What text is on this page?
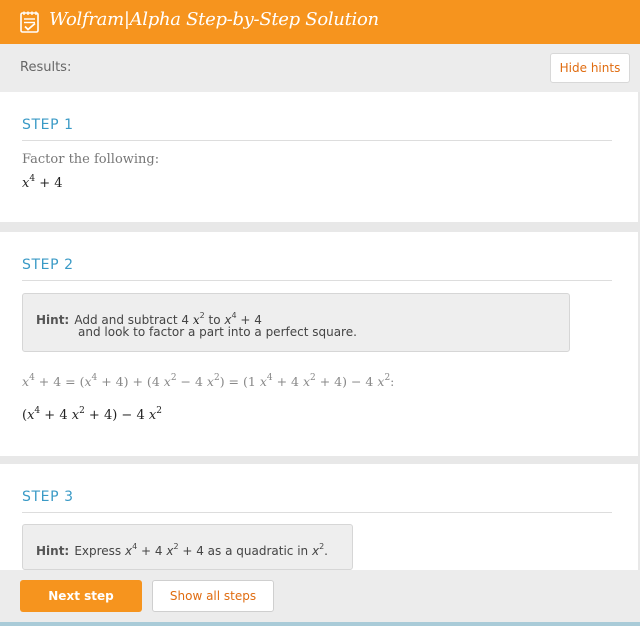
Wolfram|Alpha Step-by-Step Solution
Results:	Hide hints
STEP 1
Factor the following:
$x^4 + 4$
STEP 2
Hint: Add and subtract 4 $x^2$ to $x^4 + 4$
and look to factor a part into a perfect square.
$x^4 + 4 = (x^4 + 4) + (4$ $x^2 - 4$ $x^2) = (1$ $x^4 + 4$ $x^2 + 4) - 4$ $x^2$:
($x^4 + 4$ $x^2 + 4) - 4$ $x^2$
STEP 3
Hint: Express $x^4 + 4$ $x^2 + 4$ as a quadratic in $x^2$.
Next step	Show all steps
